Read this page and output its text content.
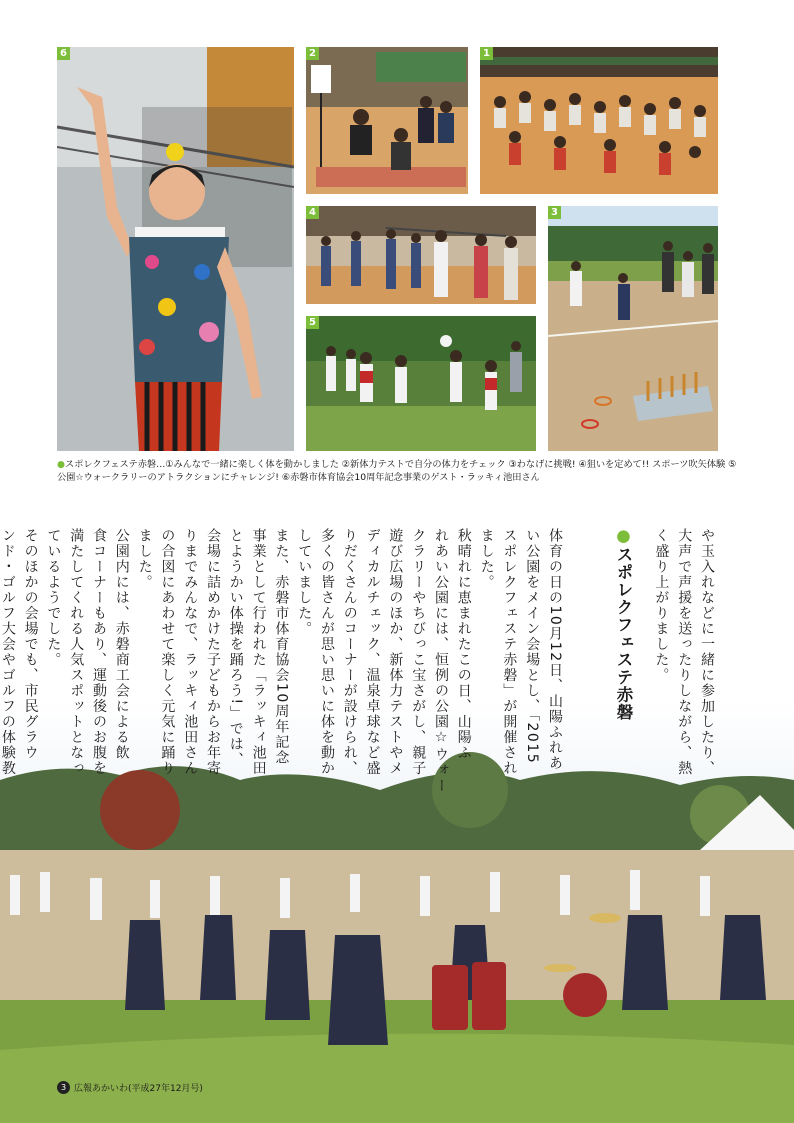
6	2	1
4
5
3
●スポレクフェステ赤磐…①みんなで一緒に楽しく体を動かしました ②新体力テストで自分の体力をチェック ③わなげに挑戦! ④狙いを定めて!! スポーツ吹矢体験 ⑤公園☆ウォークラリーのアトラクションにチャレンジ! ⑥赤磐市体育協会10周年記念事業のゲスト・ラッキィ池田さん
●スポレクフェステ赤磐	や玉入れなどに一緒に参加したり、
大声で声援を送ったりしながら、熱
く盛り上がりました。
体育の日の10月12日、山陽ふれあ
い公園をメイン会場とし、「2015
スポレクフェステ赤磐」が開催され
ました。
秋晴れに恵まれたこの日、山陽ふ
れあい公園には、恒例の公園☆ウォー
クラリーやちびっこ宝さがし、親子
遊び広場のほか、新体力テストやメ
ディカルチェック、温泉卓球など盛
りだくさんのコーナーが設けられ、
多くの皆さんが思い思いに体を動か
していました。
また、赤磐市体育協会10周年記念
事業として行われた「ラッキィ池田
とようかい体操を踊ろう!」では、
会場に詰めかけた子どもからお年寄
りまでみんなで、ラッキィ池田さん
の合図にあわせて楽しく元気に踊り
ました。
公園内には、赤磐商工会による飲
食コーナーもあり、運動後のお腹を
満たしてくれる人気スポットとなっ
ているようでした。
そのほかの会場でも、市民グラウ
ンド・ゴルフ大会やゴルフの体験教
3 広報あかいわ(平成27年12月号)
